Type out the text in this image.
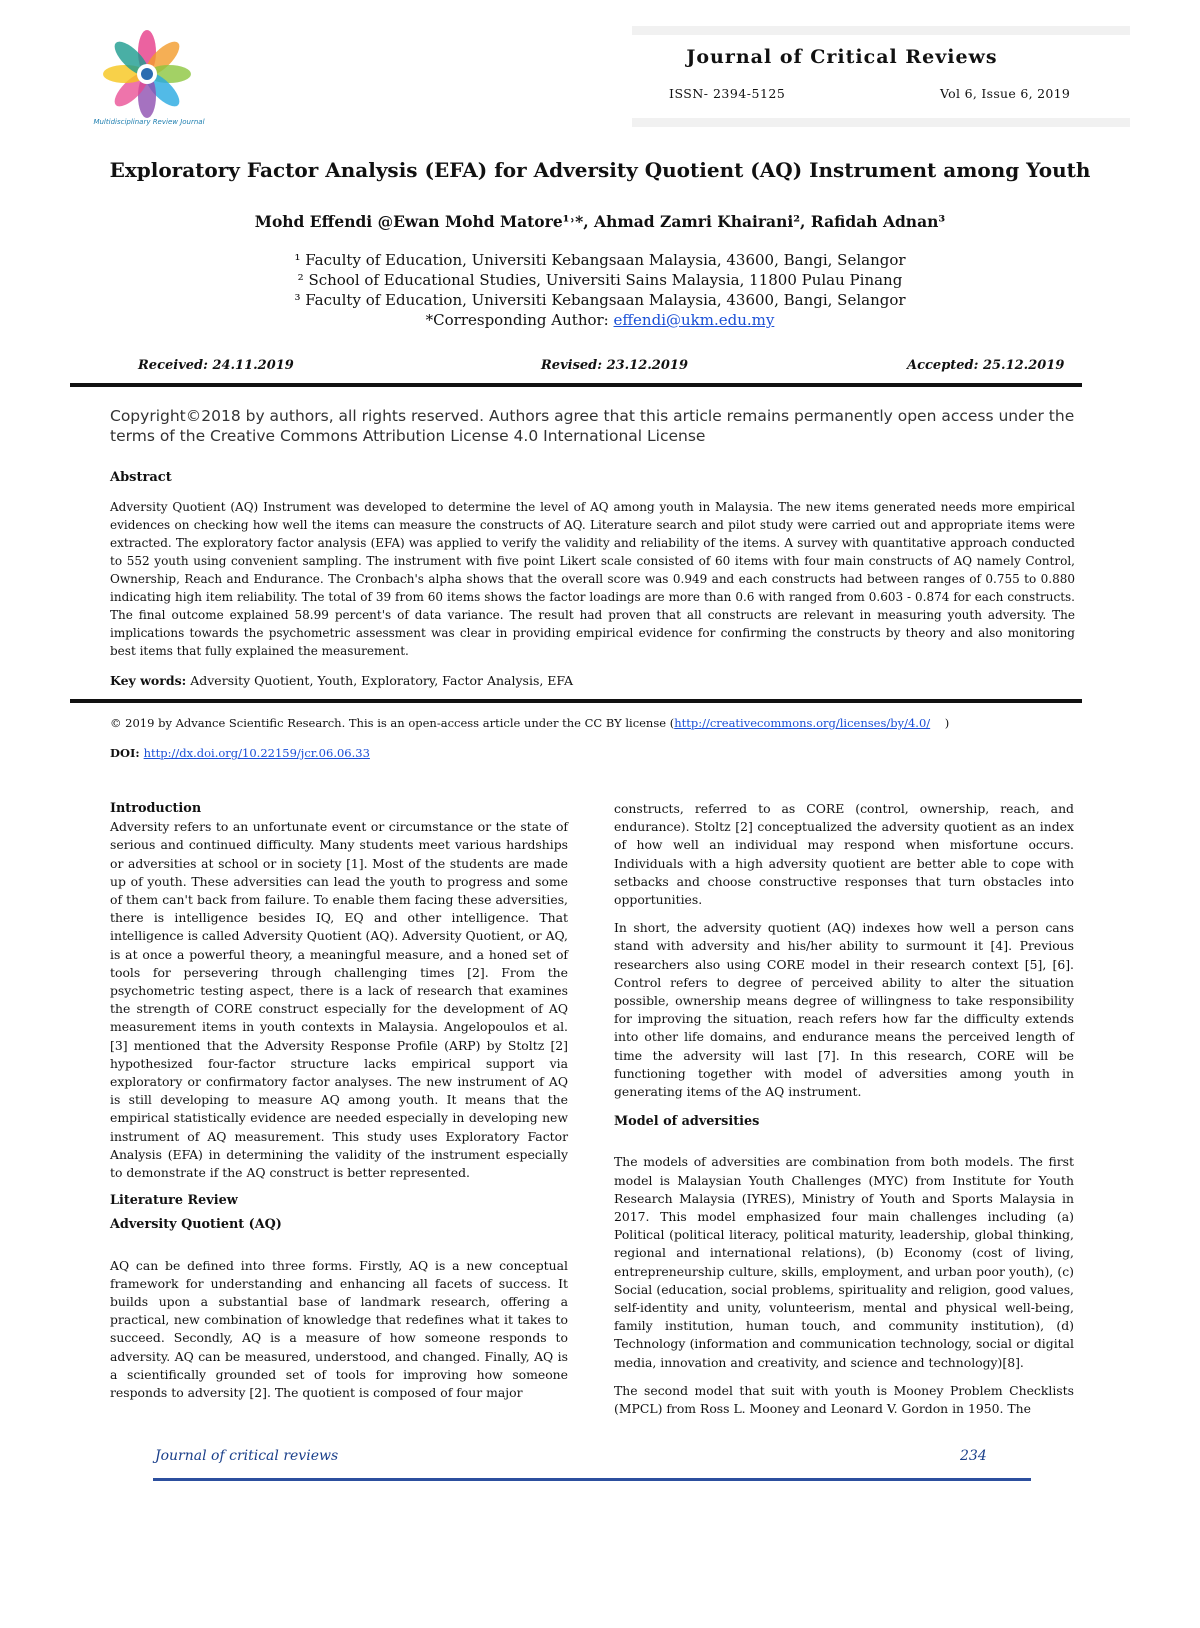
Multidisciplinary Review Journal
Journal of Critical Reviews
ISSN- 2394-5125	Vol 6, Issue 6, 2019
Exploratory Factor Analysis (EFA) for Adversity Quotient (AQ) Instrument among Youth
Mohd Effendi @Ewan Mohd Matore¹˒*, Ahmad Zamri Khairani², Rafidah Adnan³
¹ Faculty of Education, Universiti Kebangsaan Malaysia, 43600, Bangi, Selangor
² School of Educational Studies, Universiti Sains Malaysia, 11800 Pulau Pinang
³ Faculty of Education, Universiti Kebangsaan Malaysia, 43600, Bangi, Selangor
*Corresponding Author: effendi@ukm.edu.my
Received: 24.11.2019	Revised: 23.12.2019	Accepted: 25.12.2019
Copyright©2018 by authors, all rights reserved. Authors agree that this article remains permanently open access under the terms of the Creative Commons Attribution License 4.0 International License
Abstract
Adversity Quotient (AQ) Instrument was developed to determine the level of AQ among youth in Malaysia. The new items generated needs more empirical evidences on checking how well the items can measure the constructs of AQ. Literature search and pilot study were carried out and appropriate items were extracted. The exploratory factor analysis (EFA) was applied to verify the validity and reliability of the items. A survey with quantitative approach conducted to 552 youth using convenient sampling. The instrument with five point Likert scale consisted of 60 items with four main constructs of AQ namely Control, Ownership, Reach and Endurance. The Cronbach's alpha shows that the overall score was 0.949 and each constructs had between ranges of 0.755 to 0.880 indicating high item reliability. The total of 39 from 60 items shows the factor loadings are more than 0.6 with ranged from 0.603 - 0.874 for each constructs. The final outcome explained 58.99 percent's of data variance. The result had proven that all constructs are relevant in measuring youth adversity. The implications towards the psychometric assessment was clear in providing empirical evidence for confirming the constructs by theory and also monitoring best items that fully explained the measurement.
Key words: Adversity Quotient, Youth, Exploratory, Factor Analysis, EFA
© 2019 by Advance Scientific Research. This is an open-access article under the CC BY license (http://creativecommons.org/licenses/by/4.0/ )
DOI: http://dx.doi.org/10.22159/jcr.06.06.33
Introduction

Adversity refers to an unfortunate event or circumstance or the state of serious and continued difficulty. Many students meet various hardships or adversities at school or in society [1]. Most of the students are made up of youth. These adversities can lead the youth to progress and some of them can't back from failure. To enable them facing these adversities, there is intelligence besides IQ, EQ and other intelligence. That intelligence is called Adversity Quotient (AQ). Adversity Quotient, or AQ, is at once a powerful theory, a meaningful measure, and a honed set of tools for persevering through challenging times [2]. From the psychometric testing aspect, there is a lack of research that examines the strength of CORE construct especially for the development of AQ measurement items in youth contexts in Malaysia. Angelopoulos et al. [3] mentioned that the Adversity Response Profile (ARP) by Stoltz [2] hypothesized four-factor structure lacks empirical support via exploratory or confirmatory factor analyses. The new instrument of AQ is still developing to measure AQ among youth. It means that the empirical statistically evidence are needed especially in developing new instrument of AQ measurement. This study uses Exploratory Factor Analysis (EFA) in determining the validity of the instrument especially to demonstrate if the AQ construct is better represented.

Literature Review
Adversity Quotient (AQ)

AQ can be defined into three forms. Firstly, AQ is a new conceptual framework for understanding and enhancing all facets of success. It builds upon a substantial base of landmark research, offering a practical, new combination of knowledge that redefines what it takes to succeed. Secondly, AQ is a measure of how someone responds to adversity. AQ can be measured, understood, and changed. Finally, AQ is a scientifically grounded set of tools for improving how someone responds to adversity [2]. The quotient is composed of four major

constructs, referred to as CORE (control, ownership, reach, and endurance). Stoltz [2] conceptualized the adversity quotient as an index of how well an individual may respond when misfortune occurs. Individuals with a high adversity quotient are better able to cope with setbacks and choose constructive responses that turn obstacles into opportunities.

In short, the adversity quotient (AQ) indexes how well a person cans stand with adversity and his/her ability to surmount it [4]. Previous researchers also using CORE model in their research context [5], [6]. Control refers to degree of perceived ability to alter the situation possible, ownership means degree of willingness to take responsibility for improving the situation, reach refers how far the difficulty extends into other life domains, and endurance means the perceived length of time the adversity will last [7]. In this research, CORE will be functioning together with model of adversities among youth in generating items of the AQ instrument.

Model of adversities

The models of adversities are combination from both models. The first model is Malaysian Youth Challenges (MYC) from Institute for Youth Research Malaysia (IYRES), Ministry of Youth and Sports Malaysia in 2017. This model emphasized four main challenges including (a) Political (political literacy, political maturity, leadership, global thinking, regional and international relations), (b) Economy (cost of living, entrepreneurship culture, skills, employment, and urban poor youth), (c) Social (education, social problems, spirituality and religion, good values, self-identity and unity, volunteerism, mental and physical well-being, family institution, human touch, and community institution), (d) Technology (information and communication technology, social or digital media, innovation and creativity, and science and technology)[8].

The second model that suit with youth is Mooney Problem Checklists (MPCL) from Ross L. Mooney and Leonard V. Gordon in 1950. The

Journal of critical reviews	234
